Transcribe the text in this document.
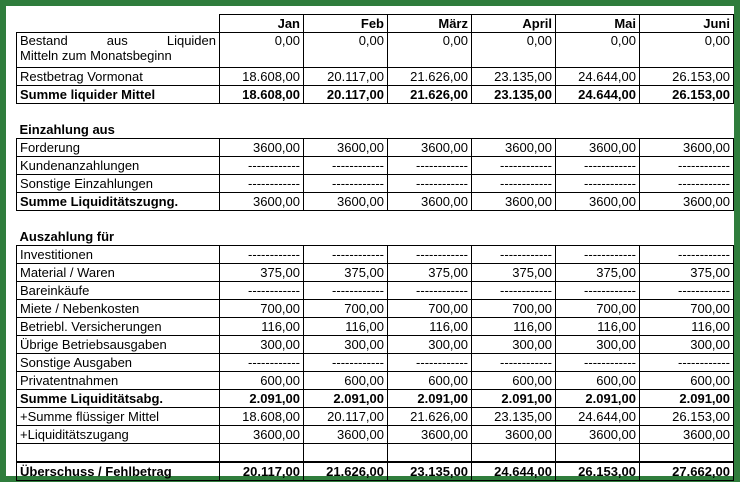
	Jan	Feb	März	April	Mai	Juni

Bestand aus Liquiden
Mitteln zum Monatsbeginn	0,00	0,00	0,00	0,00	0,00	0,00
Restbetrag Vormonat	18.608,00	20.117,00	21.626,00	23.135,00	24.644,00	26.153,00
Summe liquider Mittel	18.608,00	20.117,00	21.626,00	23.135,00	24.644,00	26.153,00

Einzahlung aus						
Forderung	3600,00	3600,00	3600,00	3600,00	3600,00	3600,00
Kundenanzahlungen	------------	------------	------------	------------	------------	------------
Sonstige Einzahlungen	------------	------------	------------	------------	------------	------------
Summe Liquiditätszugng.	3600,00	3600,00	3600,00	3600,00	3600,00	3600,00

Auszahlung für						
Investitionen	------------	------------	------------	------------	------------	------------
Material / Waren	375,00	375,00	375,00	375,00	375,00	375,00
Bareinkäufe	------------	------------	------------	------------	------------	------------
Miete / Nebenkosten	700,00	700,00	700,00	700,00	700,00	700,00
Betriebl. Versicherungen	116,00	116,00	116,00	116,00	116,00	116,00
Übrige Betriebsausgaben	300,00	300,00	300,00	300,00	300,00	300,00
Sonstige Ausgaben	------------	------------	------------	------------	------------	------------
Privatentnahmen	600,00	600,00	600,00	600,00	600,00	600,00
Summe Liquiditätsabg.	2.091,00	2.091,00	2.091,00	2.091,00	2.091,00	2.091,00
+Summe flüssiger Mittel	18.608,00	20.117,00	21.626,00	23.135,00	24.644,00	26.153,00
+Liquiditätszugang	3600,00	3600,00	3600,00	3600,00	3600,00	3600,00

Überschuss / Fehlbetrag	20.117,00	21.626,00	23.135,00	24.644,00	26.153,00	27.662,00
